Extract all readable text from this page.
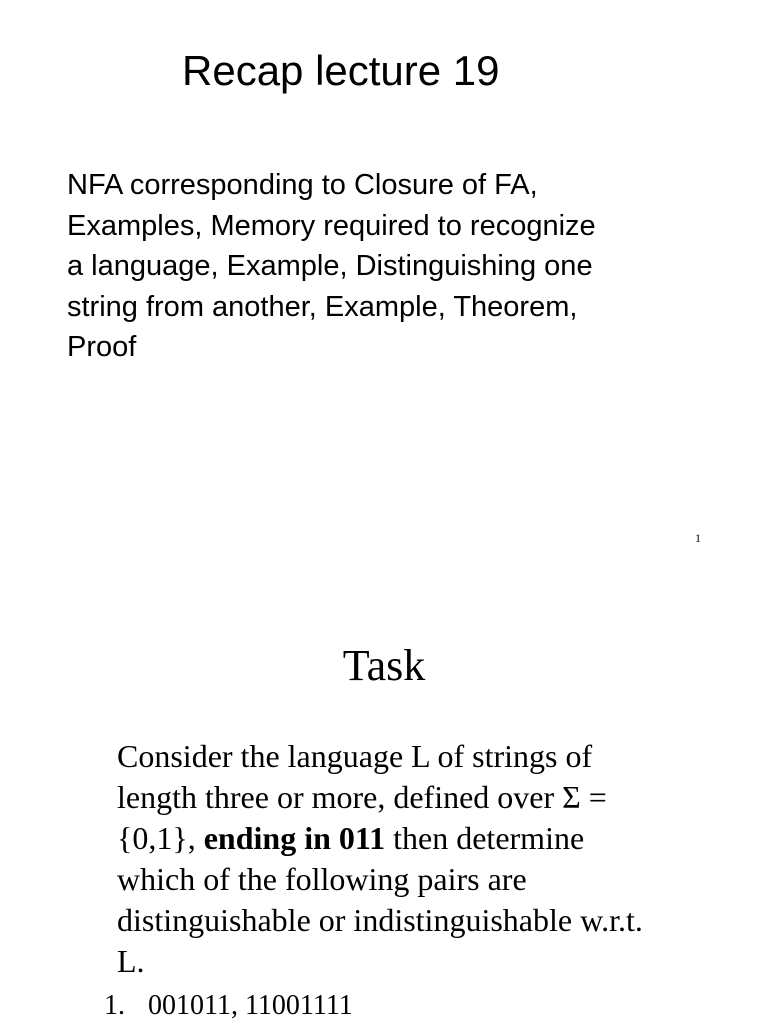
Recap lecture 19
NFA corresponding to Closure of FA,
Examples, Memory required to recognize
a language, Example, Distinguishing one
string from another, Example, Theorem,
Proof
1
Task
Consider the language L of strings of
length three or more, defined over Σ =
{0,1}, ending in 011 then determine
which of the following pairs are
distinguishable or indistinguishable w.r.t.
L.
1. 001011, 11001111
